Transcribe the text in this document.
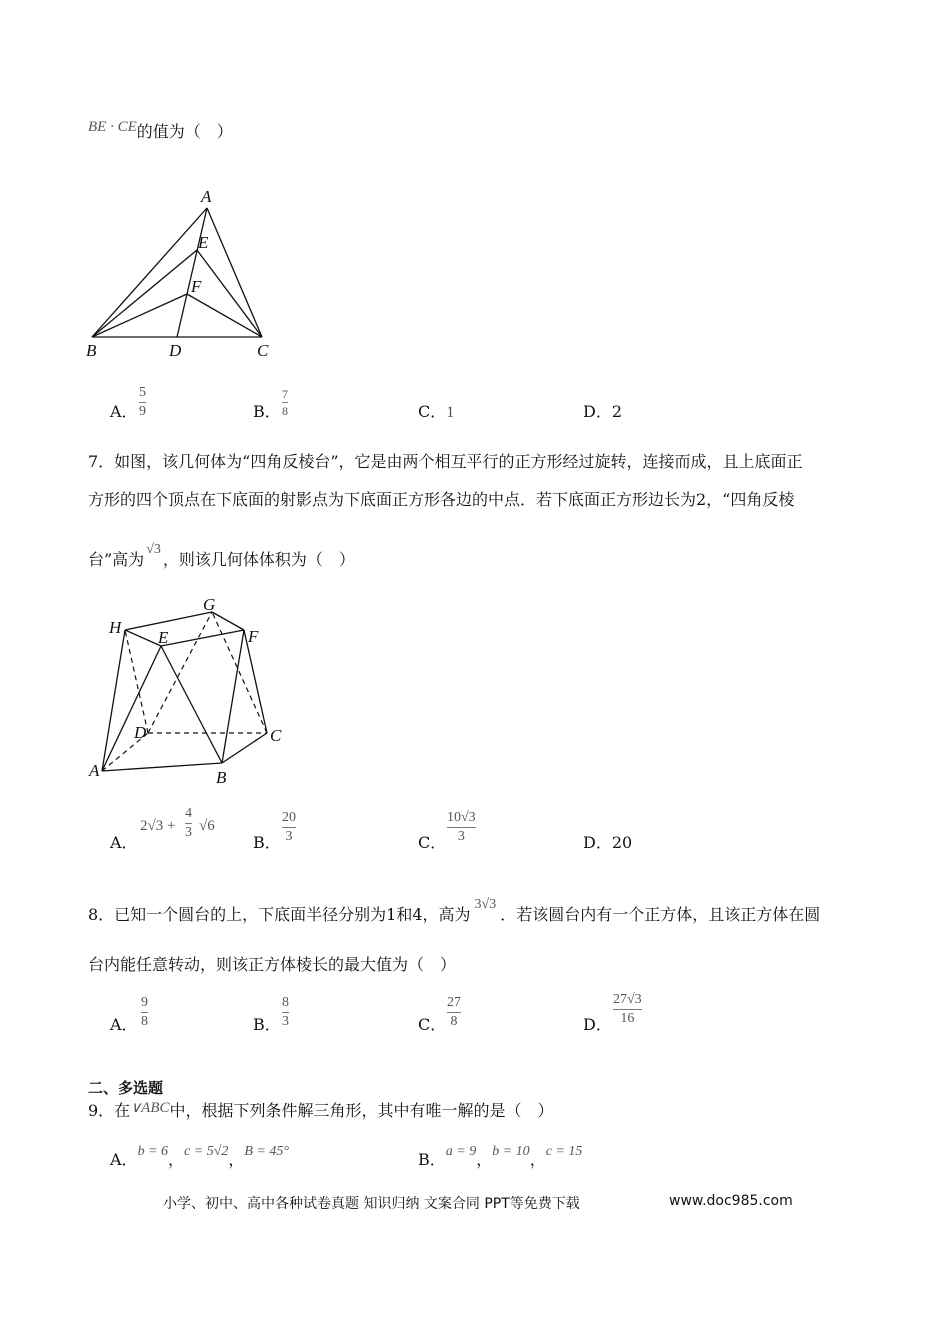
BE · CE的值为（　）
A
E
F
B	D	C
A．
5
9	B．
7
8	C．1	D．2
7．如图，该几何体为“四角反棱台”，它是由两个相互平行的正方形经过旋转，连接而成，且上底面正
方形的四个顶点在下底面的射影点为下底面正方形各边的中点．若下底面正方形边长为2，“四角反棱
台”高为√3，则该几何体体积为（　）
H
G
E	F
D	C
A	B
A．
2√3 +
4
3 √6
B．
20
3	C．
10√3
3	D．20
8．已知一个圆台的上，下底面半径分别为1和4，高为3√3．若该圆台内有一个正方体，且该正方体在圆
台内能任意转动，则该正方体棱长的最大值为（　）
A．
9
8	B．
8
3	C．
27
8	D．
27√3
16
二、多选题
9．在∨ABC中，根据下列条件解三角形，其中有唯一解的是（　）
A．b = 6，c = 5√2，B = 45°	B．a = 9，b = 10，c = 15
小学、初中、高中各种试卷真题 知识归纳 文案合同 PPT等免费下载	www.doc985.com
